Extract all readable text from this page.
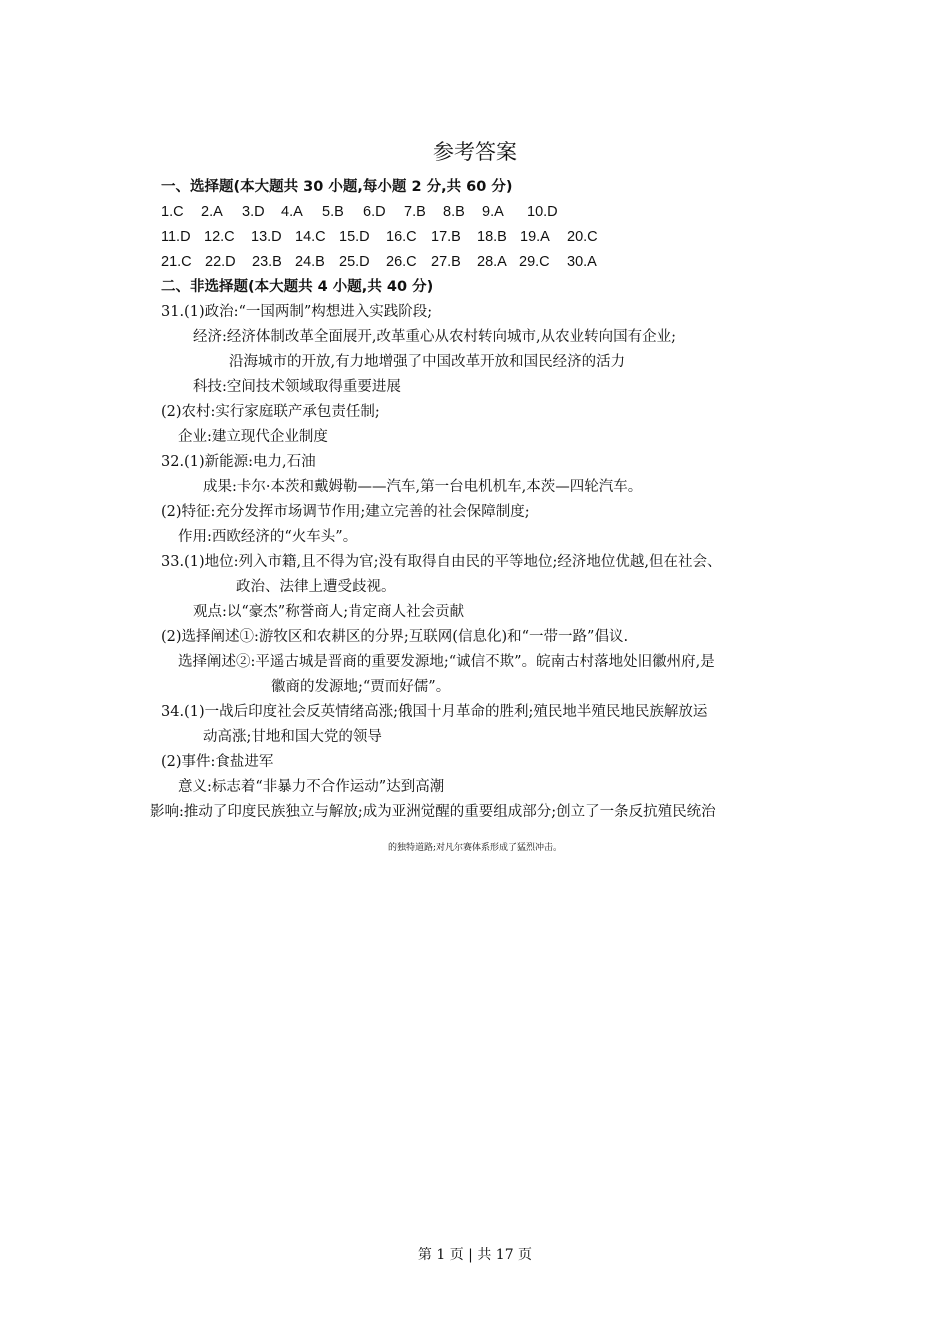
参考答案
一、选择题(本大题共 30 小题,每小题 2 分,共 60 分)
1.C 2.A 3.D 4.A 5.B 6.D 7.B 8.B 9.A 10.D
11.D 12.C 13.D 14.C 15.D 16.C 17.B 18.B 19.A 20.C
21.C 22.D 23.B 24.B 25.D 26.C 27.B 28.A 29.C 30.A
二、非选择题(本大题共 4 小题,共 40 分)
31.(1)政治:“一国两制”构想进入实践阶段;
经济:经济体制改革全面展开,改革重心从农村转向城市,从农业转向国有企业;
沿海城市的开放,有力地增强了中国改革开放和国民经济的活力
科技:空间技术领域取得重要进展
(2)农村:实行家庭联产承包责任制;
企业:建立现代企业制度
32.(1)新能源:电力,石油
成果:卡尔·本茨和戴姆勒——汽车,第一台电机机车,本茨—四轮汽车。
(2)特征:充分发挥市场调节作用;建立完善的社会保障制度;
作用:西欧经济的“火车头”。
33.(1)地位:列入市籍,且不得为官;没有取得自由民的平等地位;经济地位优越,但在社会、
政治、法律上遭受歧视。
观点:以“豪杰”称誉商人;肯定商人社会贡献
(2)选择阐述①:游牧区和农耕区的分界;互联网(信息化)和“一带一路”倡议.
选择阐述②:平遥古城是晋商的重要发源地;“诚信不欺”。皖南古村落地处旧徽州府,是
徽商的发源地;“贾而好儒”。
34.(1)一战后印度社会反英情绪高涨;俄国十月革命的胜利;殖民地半殖民地民族解放运
动高涨;甘地和国大党的领导
(2)事件:食盐进军
意义:标志着“非暴力不合作运动”达到高潮
影响:推动了印度民族独立与解放;成为亚洲觉醒的重要组成部分;创立了一条反抗殖民统治
的独特道路;对凡尔赛体系形成了猛烈冲击。
第 1 页 | 共 17 页
